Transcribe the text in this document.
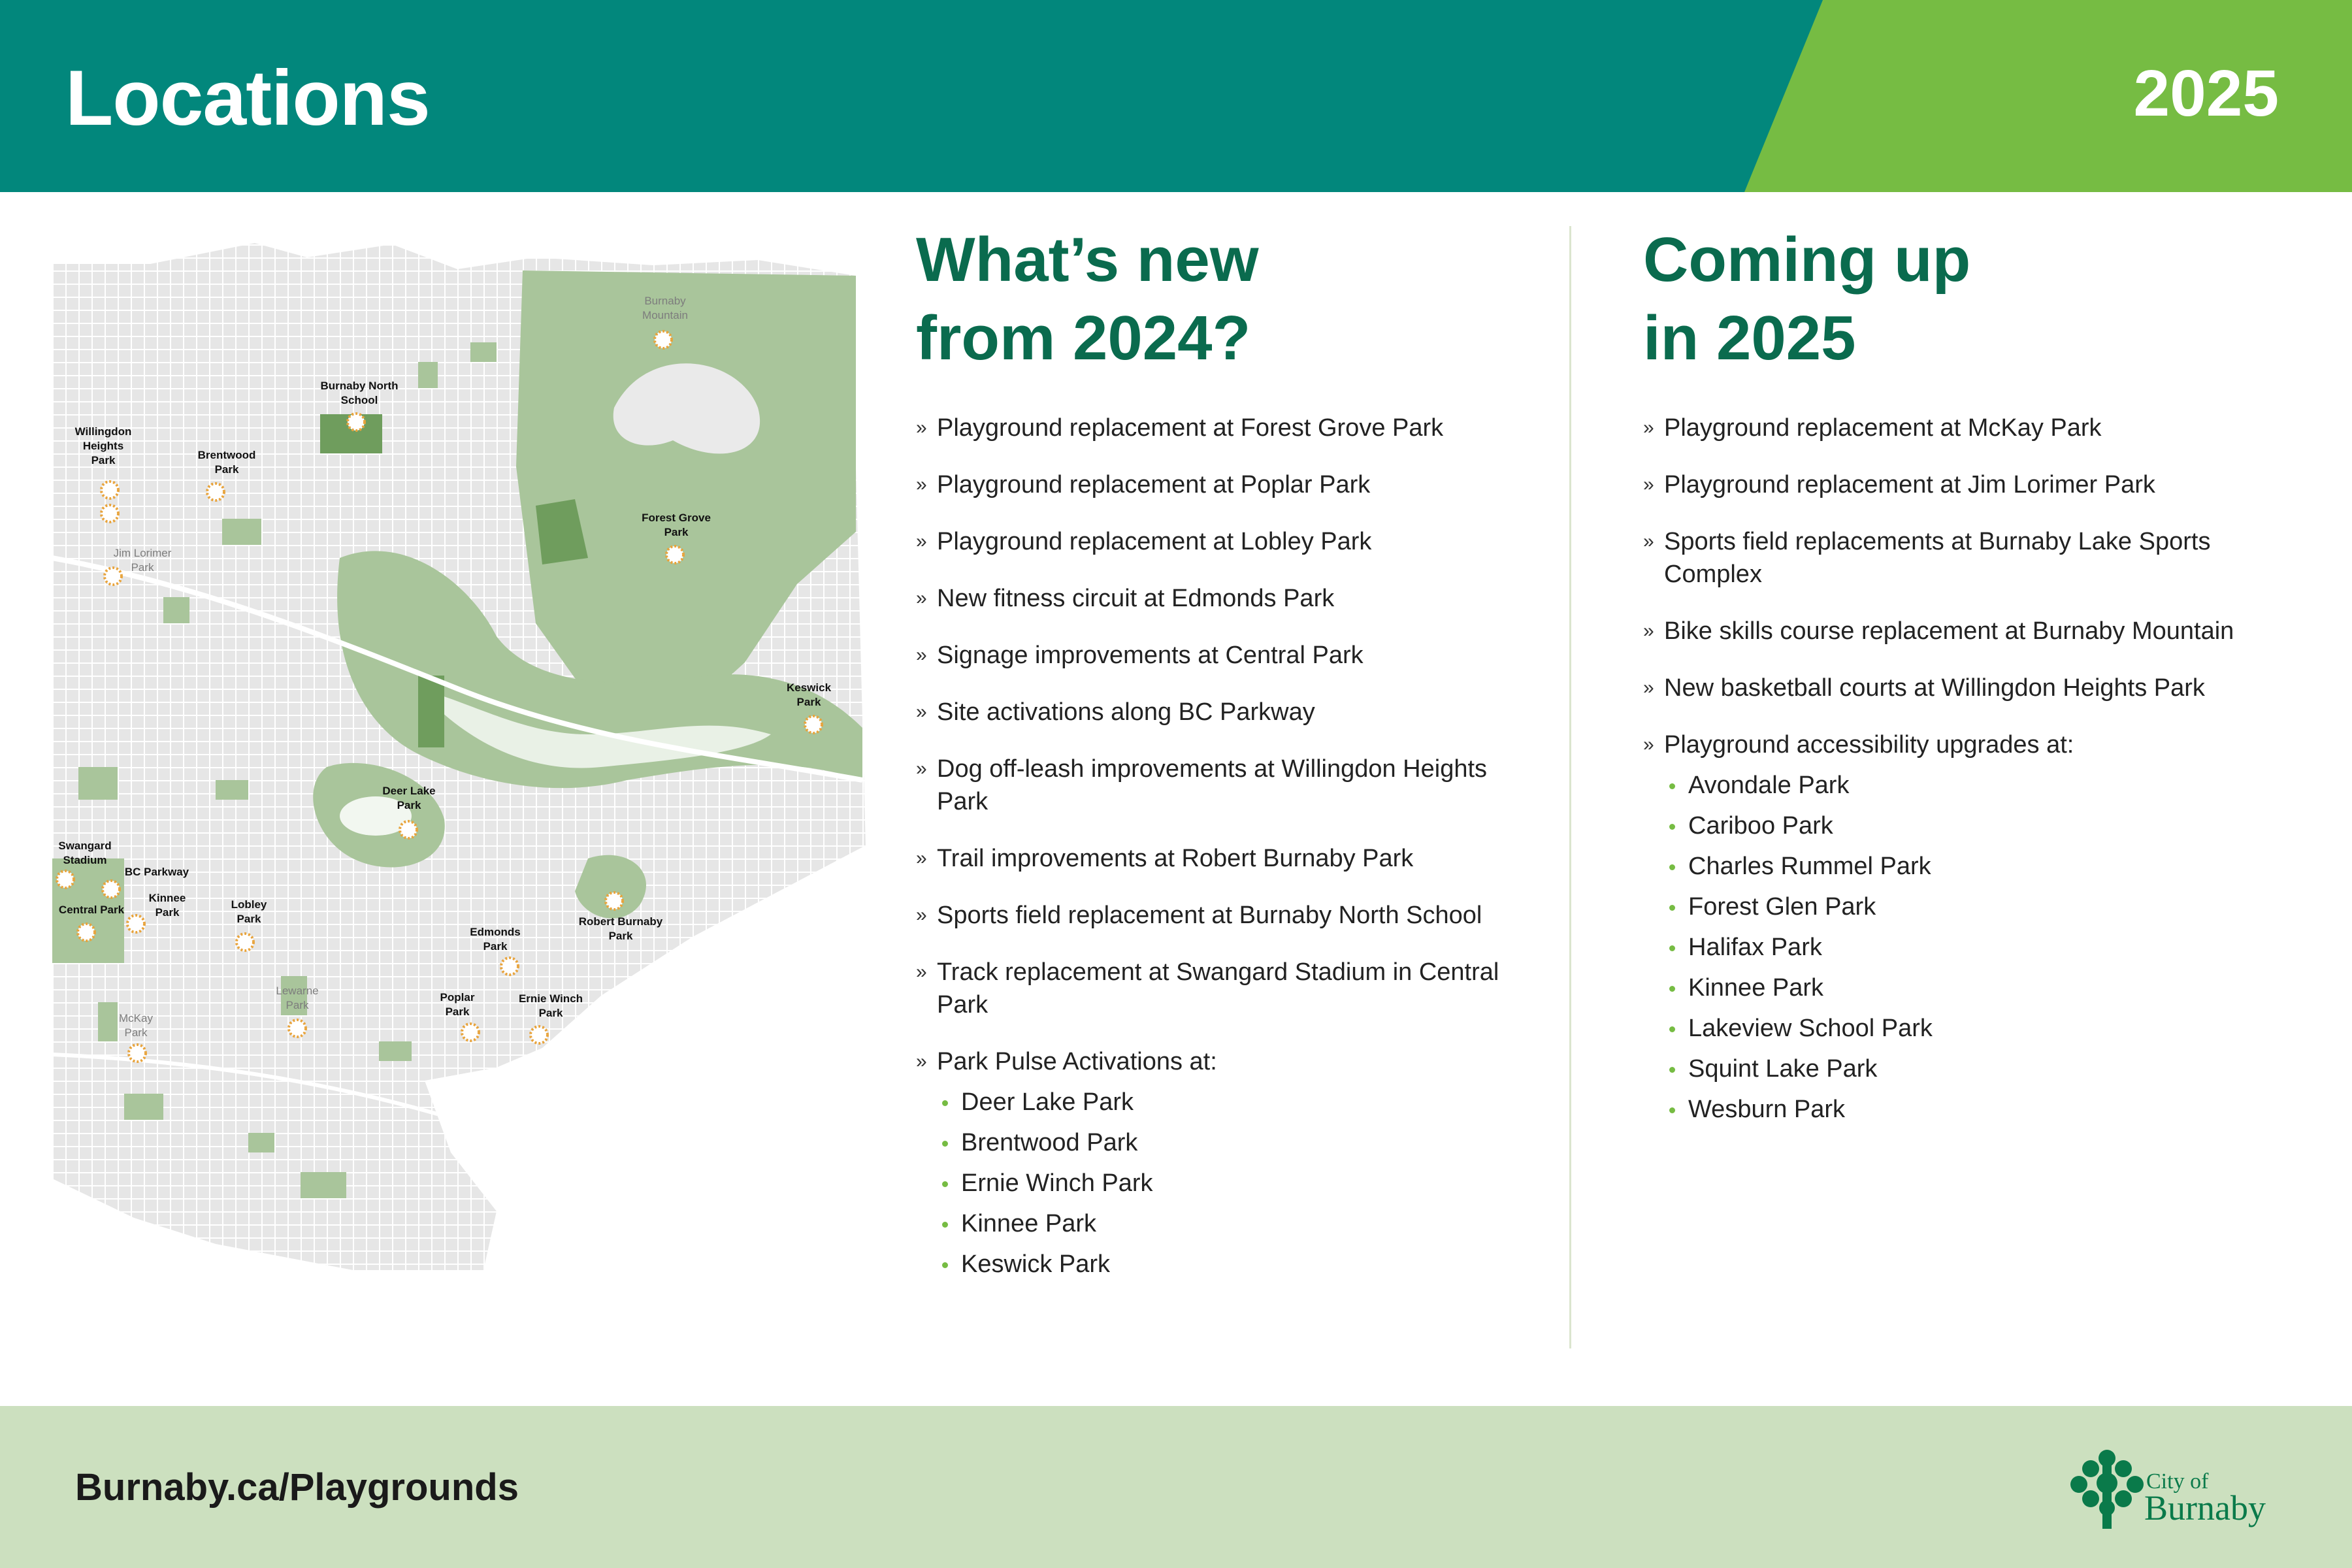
Locations	2025
Burnaby
Mountain
Burnaby North
School
Willingdon
Heights
Park	Brentwood
Park
Forest Grove
Park
Jim Lorimer
Park
Keswick
Park
Deer Lake
Park
Swangard
Stadium
BC Parkway
Central Park
Kinnee
Park
Lobley
Park	Robert Burnaby
Park
Edmonds
Park
Lewarne
Park
Poplar
Park
Ernie Winch
Park
McKay
Park
What’s new
from 2024?
» Playground replacement at Forest Grove Park
» Playground replacement at Poplar Park
» Playground replacement at Lobley Park
» New fitness circuit at Edmonds Park
» Signage improvements at Central Park
» Site activations along BC Parkway
» Dog off-leash improvements at Willingdon Heights Park
» Trail improvements at Robert Burnaby Park
» Sports field replacement at Burnaby North School
» Track replacement at Swangard Stadium in Central Park
» Park Pulse Activations at:
Deer Lake Park
Brentwood Park
Ernie Winch Park
Kinnee Park
Keswick Park
Coming up
in 2025
» Playground replacement at McKay Park
» Playground replacement at Jim Lorimer Park
» Sports field replacements at Burnaby Lake Sports Complex
» Bike skills course replacement at Burnaby Mountain
» New basketball courts at Willingdon Heights Park
» Playground accessibility upgrades at:
Avondale Park
Cariboo Park
Charles Rummel Park
Forest Glen Park
Halifax Park
Kinnee Park
Lakeview School Park
Squint Lake Park
Wesburn Park
Burnaby.ca/Playgrounds	City of
Burnaby
